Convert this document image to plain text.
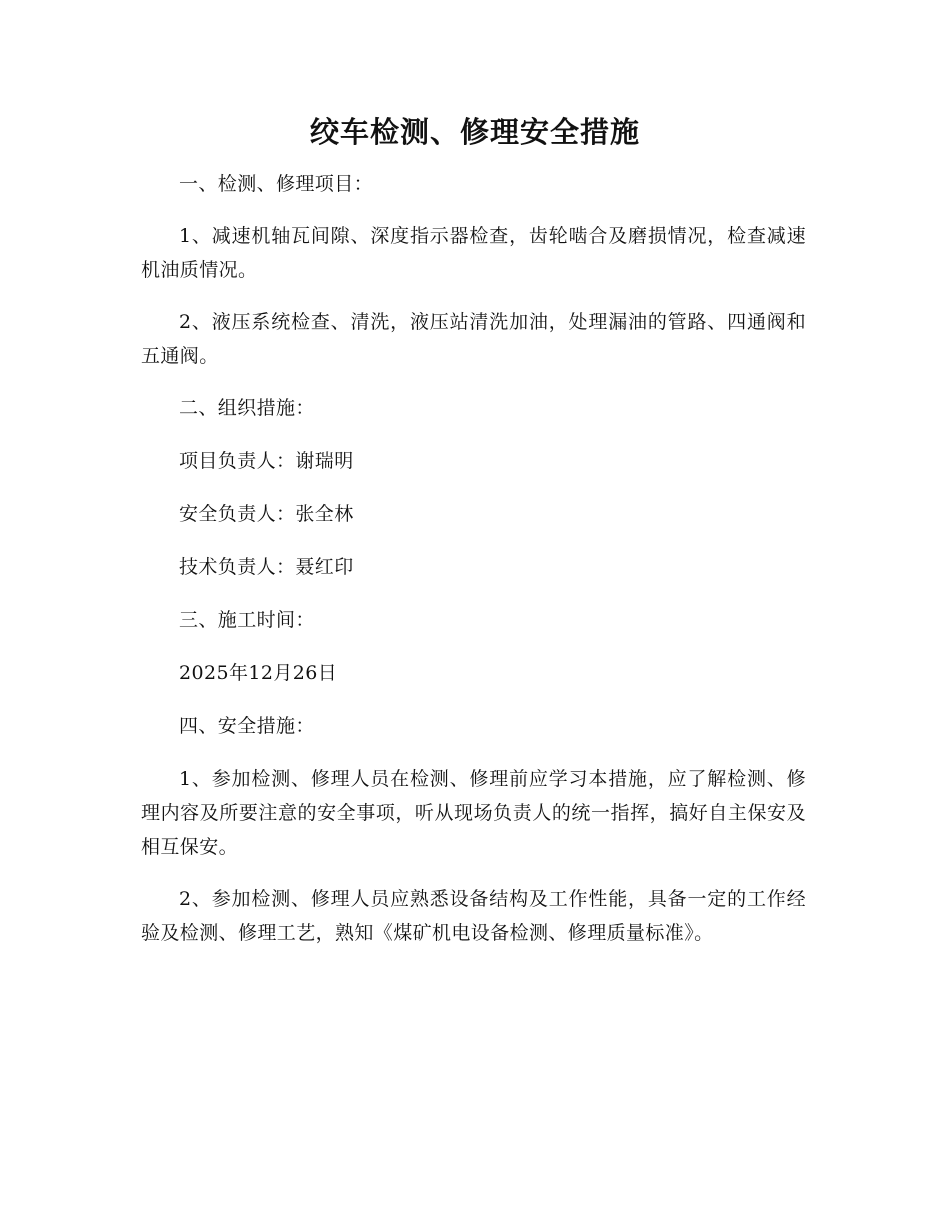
绞车检测、修理安全措施

一、检测、修理项目：

1、减速机轴瓦间隙、深度指示器检查，齿轮啮合及磨损情况，检查减速机油质情况。

2、液压系统检查、清洗，液压站清洗加油，处理漏油的管路、四通阀和五通阀。

二、组织措施：

项目负责人：谢瑞明

安全负责人：张全林

技术负责人：聂红印

三、施工时间：

2025年12月26日

四、安全措施：

1、参加检测、修理人员在检测、修理前应学习本措施，应了解检测、修理内容及所要注意的安全事项，听从现场负责人的统一指挥，搞好自主保安及相互保安。

2、参加检测、修理人员应熟悉设备结构及工作性能，具备一定的工作经验及检测、修理工艺，熟知《煤矿机电设备检测、修理质量标准》。
